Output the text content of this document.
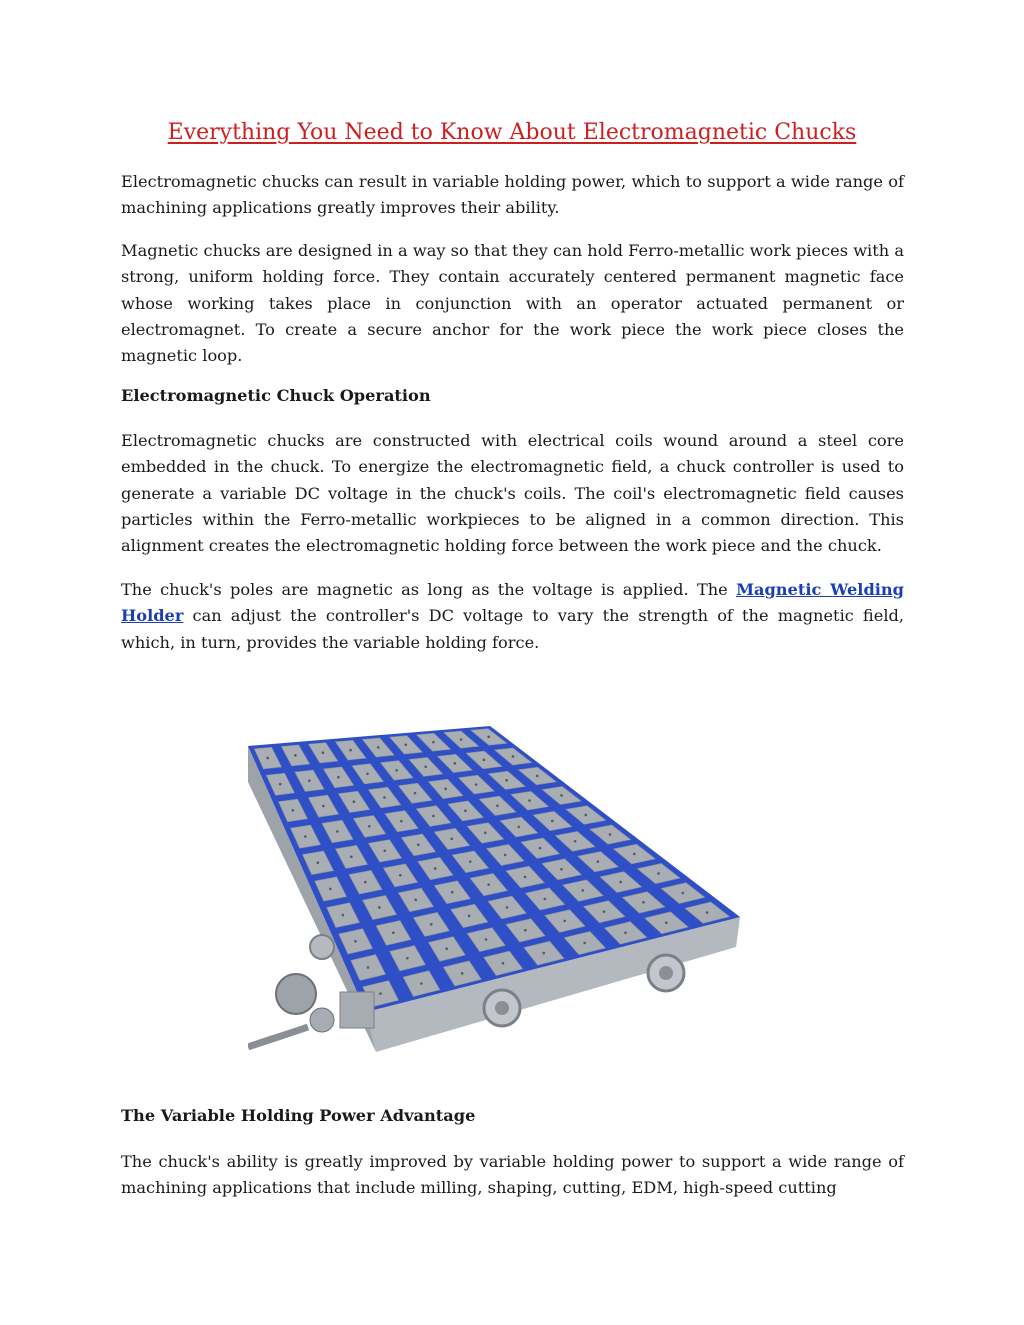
Everything You Need to Know About Electromagnetic Chucks

Electromagnetic chucks can result in variable holding power, which to support a wide range of machining applications greatly improves their ability.

Magnetic chucks are designed in a way so that they can hold Ferro-metallic work pieces with a strong, uniform holding force. They contain accurately centered permanent magnetic face whose working takes place in conjunction with an operator actuated permanent or electromagnet. To create a secure anchor for the work piece the work piece closes the magnetic loop.

Electromagnetic Chuck Operation

Electromagnetic chucks are constructed with electrical coils wound around a steel core embedded in the chuck. To energize the electromagnetic field, a chuck controller is used to generate a variable DC voltage in the chuck's coils. The coil's electromagnetic field causes particles within the Ferro-metallic workpieces to be aligned in a common direction. This alignment creates the electromagnetic holding force between the work piece and the chuck.

The chuck's poles are magnetic as long as the voltage is applied. The Magnetic Welding Holder can adjust the controller's DC voltage to vary the strength of the magnetic field, which, in turn, provides the variable holding force.

The Variable Holding Power Advantage

The chuck's ability is greatly improved by variable holding power to support a wide range of machining applications that include milling, shaping, cutting, EDM, high-speed cutting
